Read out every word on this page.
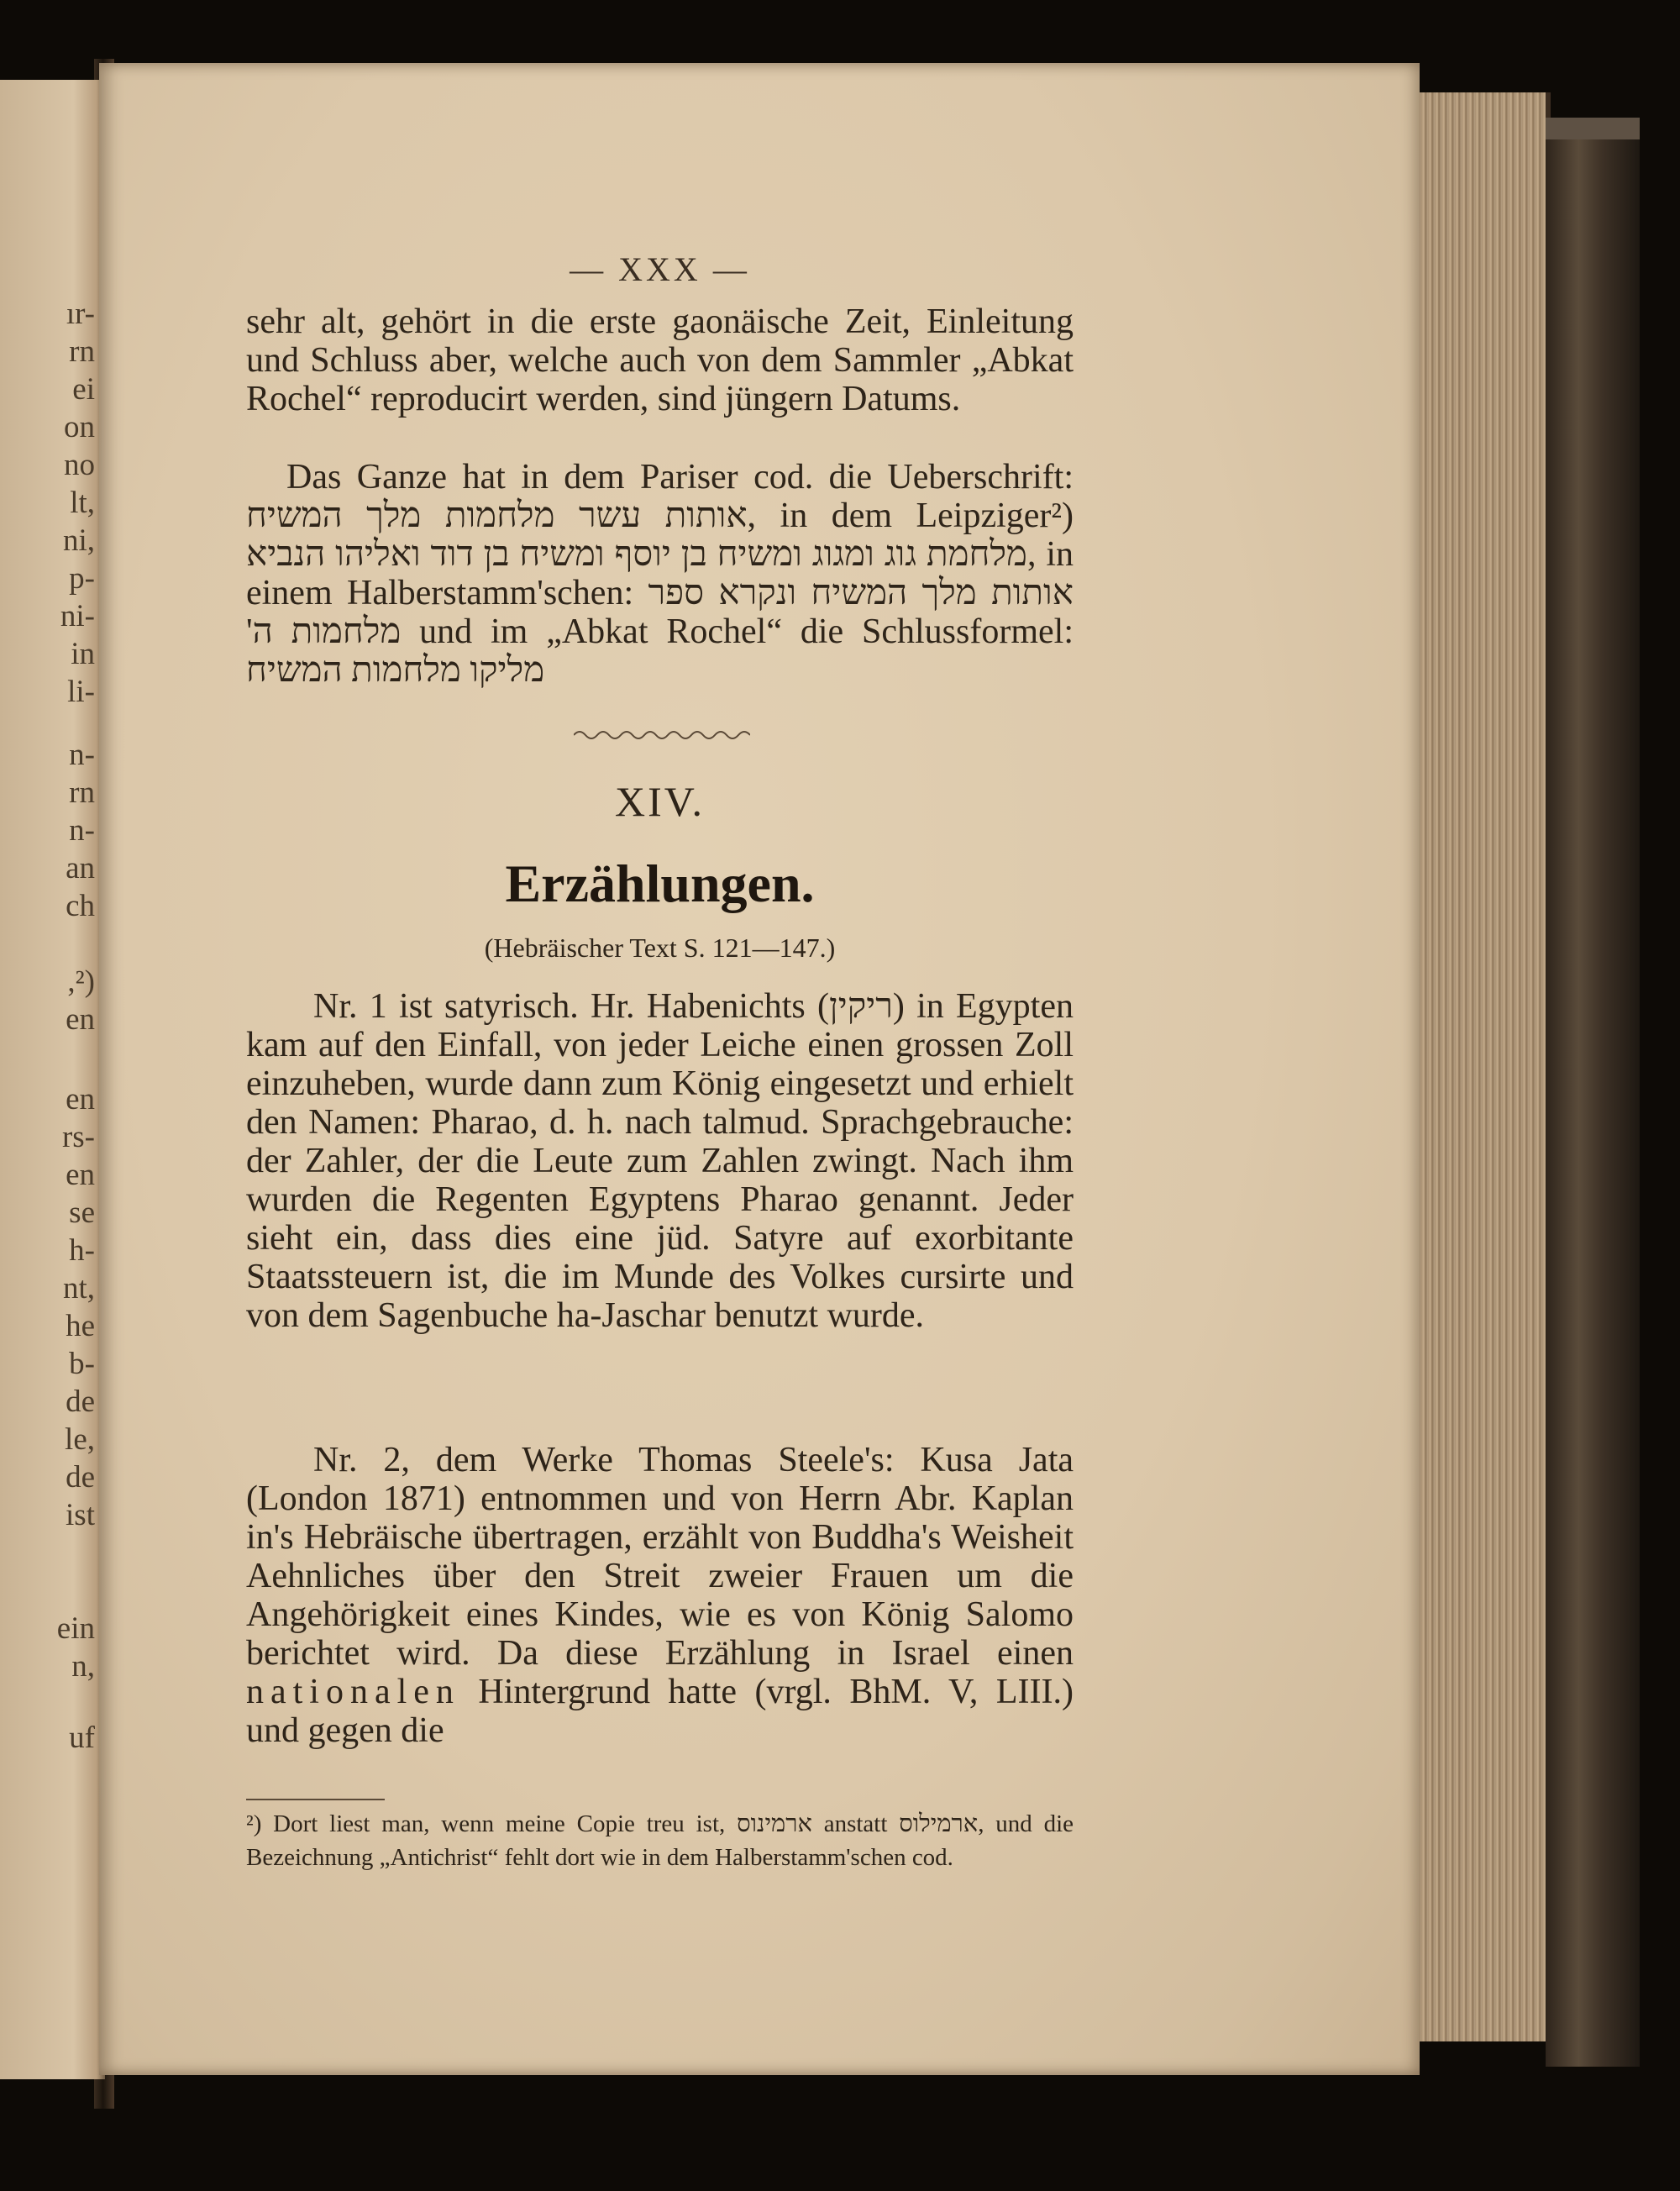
ır-
rn
ei
on
no
lt,
ni,
p-
ni-
in
li-
n-
rn
n-
an
ch
,²)
en
en
rs-
en
se
h-
nt,
he
b-
de
le,
de
ist
ein
n,
uf
— XXX —

sehr alt, gehört in die erste gaonäische Zeit, Einleitung und Schluss aber, welche auch von dem Sammler „Abkat Rochel“ reproducirt werden, sind jüngern Datums.

Das Ganze hat in dem Pariser cod. die Ueberschrift: אותות עשר מלחמות מלך המשיח, in dem Leipziger²) מלחמת גוג ומגוג ומשיח בן יוסף ומשיח בן דוד ואליהו הנביא, in einem Halberstamm'schen: אותות מלך המשיח ונקרא ספר מלחמות ה' und im „Abkat Rochel“ die Schlussformel: מליקו מלחמות המשיח

XIV.
Erzählungen.
(Hebräischer Text S. 121—147.)

Nr. 1 ist satyrisch. Hr. Habenichts (ריקין) in Egypten kam auf den Einfall, von jeder Leiche einen grossen Zoll einzuheben, wurde dann zum König eingesetzt und erhielt den Namen: Pharao, d. h. nach talmud. Sprachgebrauche: der Zahler, der die Leute zum Zahlen zwingt. Nach ihm wurden die Regenten Egyptens Pharao genannt. Jeder sieht ein, dass dies eine jüd. Satyre auf exorbitante Staatssteuern ist, die im Munde des Volkes cursirte und von dem Sagenbuche ha-Jaschar benutzt wurde.

Nr. 2, dem Werke Thomas Steele's: Kusa Jata (London 1871) entnommen und von Herrn Abr. Kaplan in's Hebräische übertragen, erzählt von Buddha's Weisheit Aehnliches über den Streit zweier Frauen um die Angehörigkeit eines Kindes, wie es von König Salomo berichtet wird. Da diese Erzählung in Israel einen nationalen Hintergrund hatte (vrgl. BhM. V, LIII.) und gegen die

²) Dort liest man, wenn meine Copie treu ist, ארמינוס anstatt ארמילוס, und die Bezeichnung „Antichrist“ fehlt dort wie in dem Halberstamm'schen cod.
